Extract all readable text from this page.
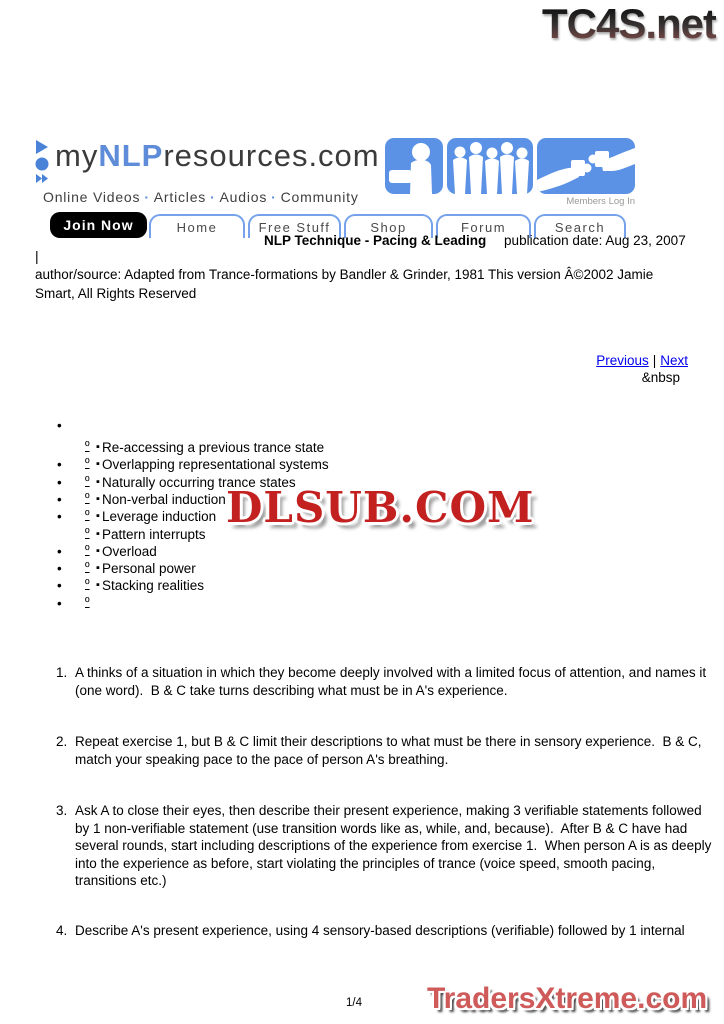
TC4S.net
myNLPresources.com
Online Videos · Articles · Audios · Community	Members Log In
Join Now	Home	Free Stuff	Shop	Forum	Search
NLP Technique - Pacing & Leading publication date: Aug 23, 2007
|
author/source: Adapted from Trance-formations by Bandler & Grinder, 1981 This version Â©2002 Jamie Smart, All Rights Reserved
Previous | Next
&nbsp
•
º ▪ Re-accessing a previous trance state
• º ▪ Overlapping representational systems
• º ▪ Naturally occurring trance states
• º ▪ Non-verbal induction
• º ▪ Leverage induction
º ▪ Pattern interrupts
• º ▪ Overload
• º ▪ Personal power
• º ▪ Stacking realities
• º
DLSUB.COM
1. A thinks of a situation in which they become deeply involved with a limited focus of attention, and names it (one word).  B & C take turns describing what must be in A's experience.
2. Repeat exercise 1, but B & C limit their descriptions to what must be there in sensory experience.  B & C, match your speaking pace to the pace of person A's breathing.
3. Ask A to close their eyes, then describe their present experience, making 3 verifiable statements followed by 1 non-verifiable statement (use transition words like as, while, and, because).  After B & C have had several rounds, start including descriptions of the experience from exercise 1.  When person A is as deeply into the experience as before, start violating the principles of trance (voice speed, smooth pacing, transitions etc.)
4. Describe A's present experience, using 4 sensory-based descriptions (verifiable) followed by 1 internal
1/4 TradersXtreme.com
